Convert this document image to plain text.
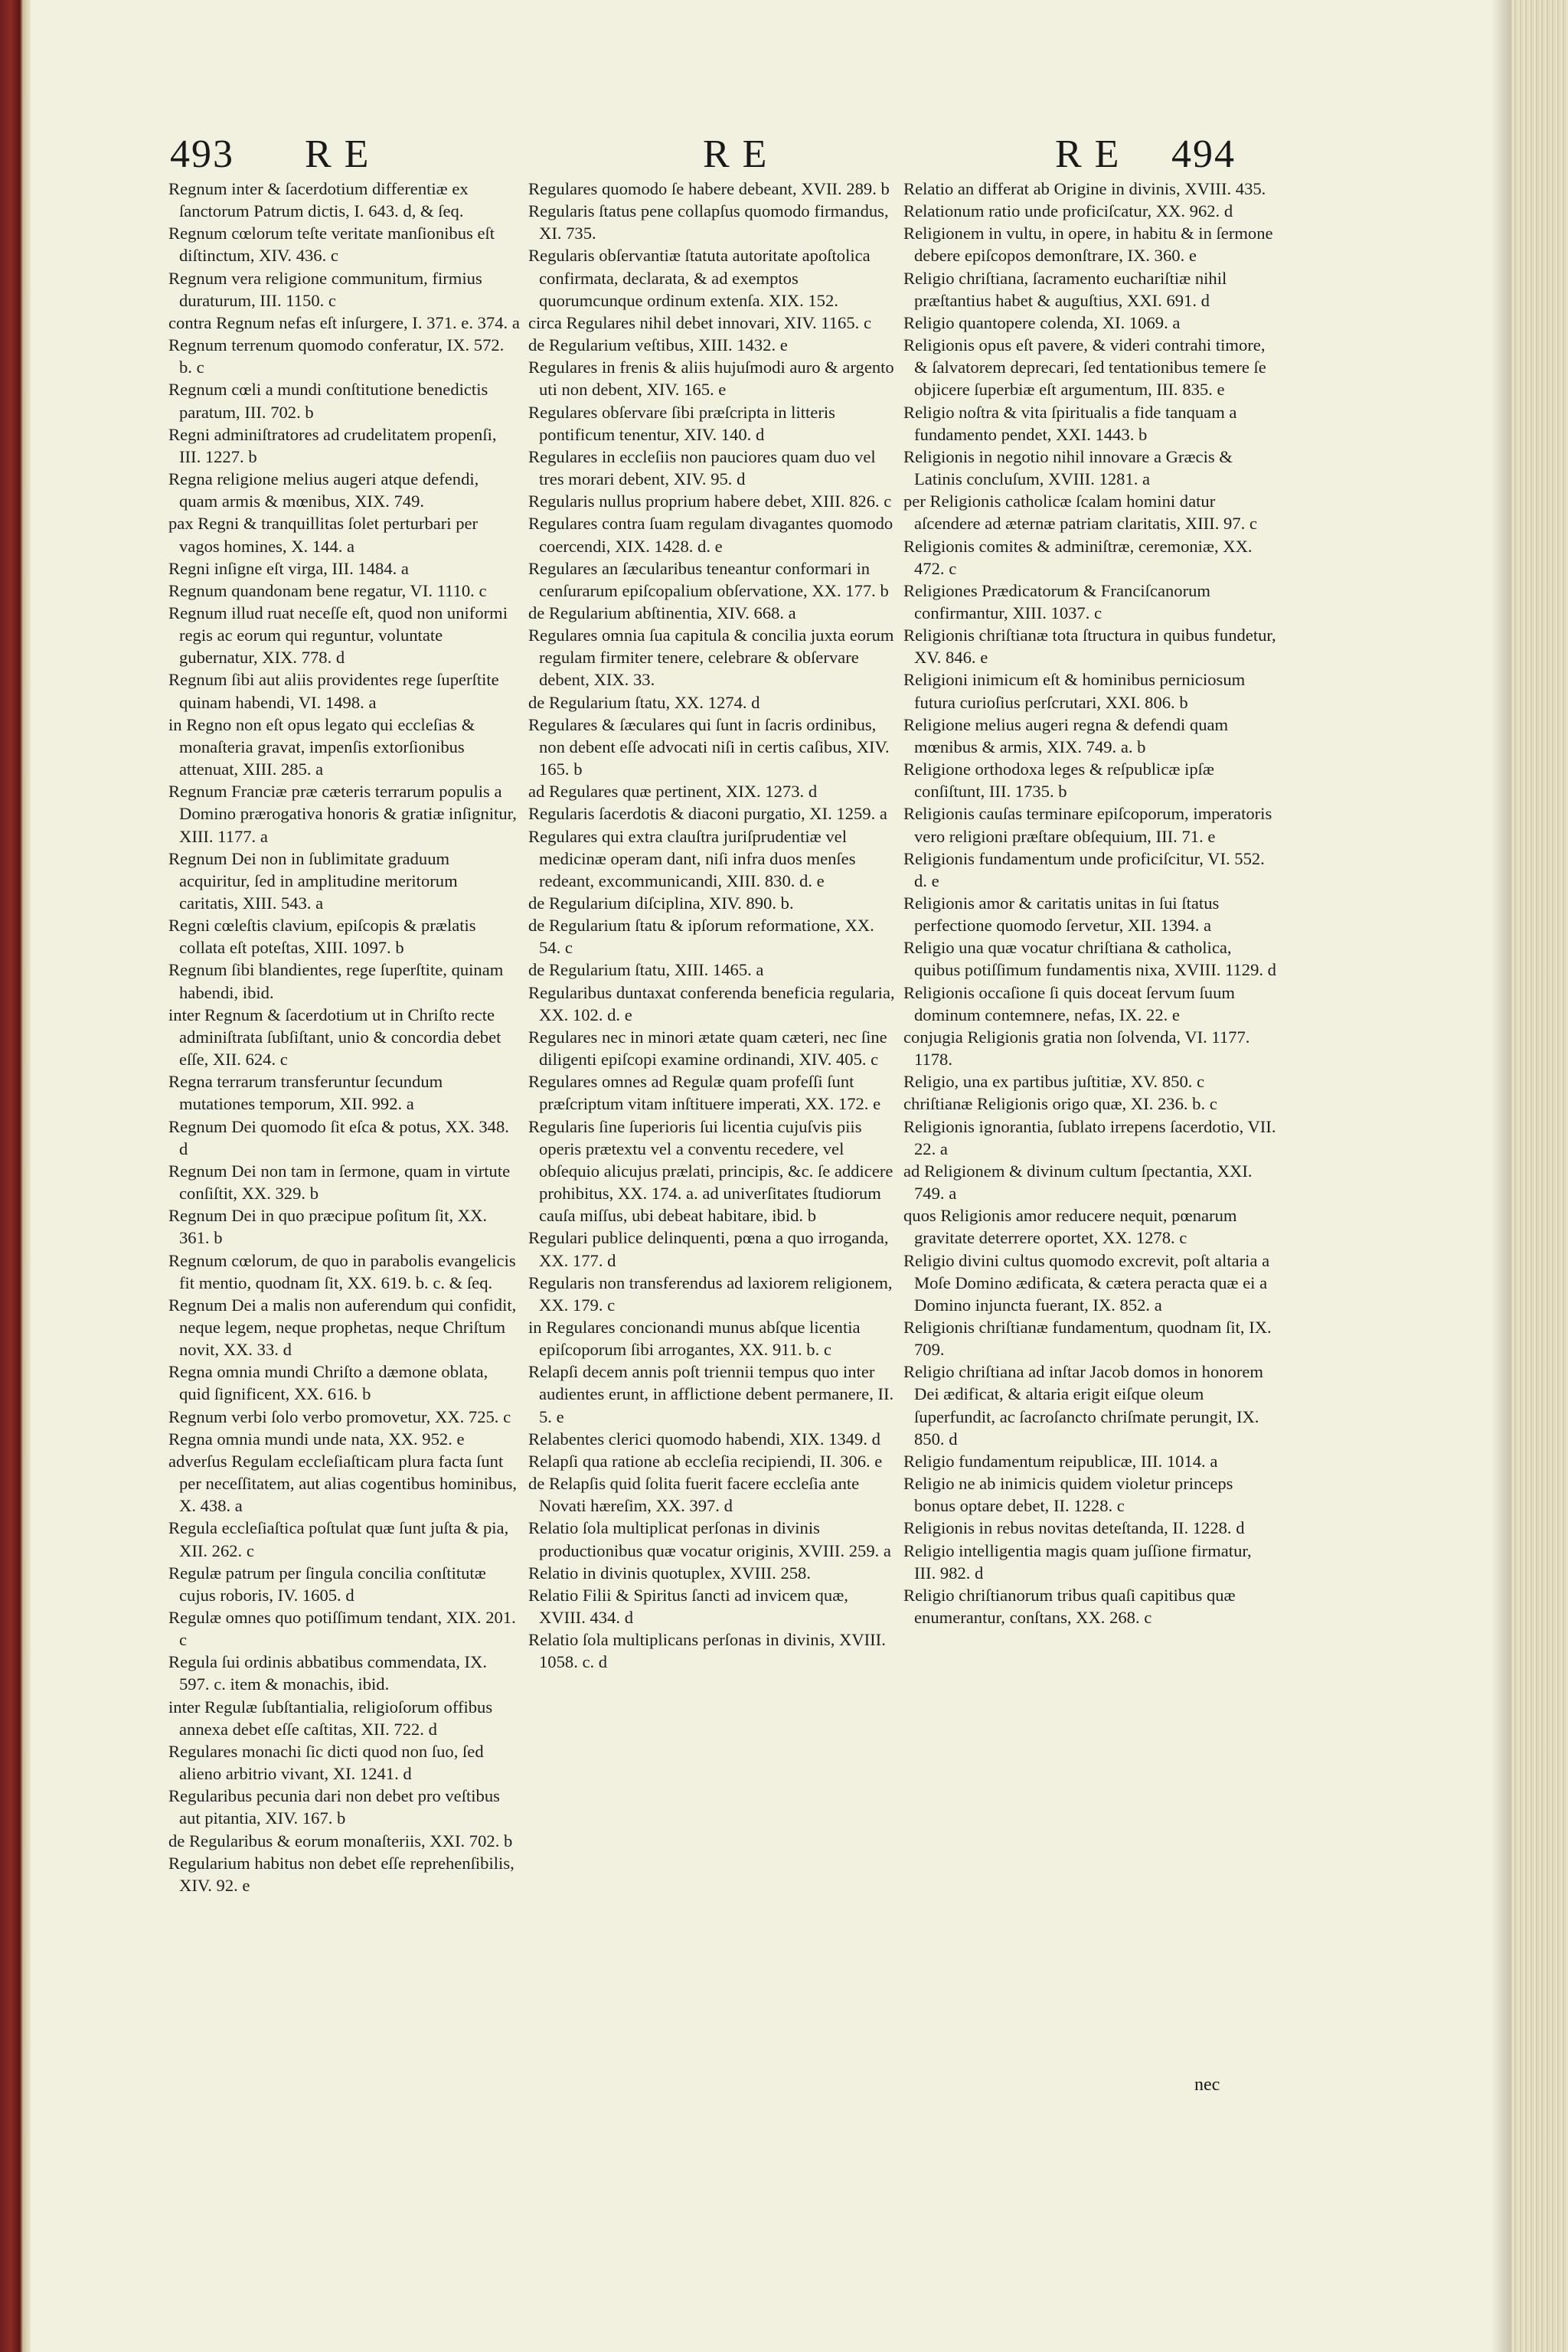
493 R E	R E	R E 494

Regnum inter & ſacerdotium differentiæ ex ſanctorum Patrum dictis, I. 643. d, & ſeq.

Regnum cœlorum teſte veritate manſionibus eſt diſtinctum, XIV. 436. c

Regnum vera religione communitum, firmius duraturum, III. 1150. c

contra Regnum nefas eſt inſurgere, I. 371. e. 374. a

Regnum terrenum quomodo conferatur, IX. 572. b. c

Regnum cœli a mundi conſtitutione benedictis paratum, III. 702. b

Regni adminiſtratores ad crudelitatem propenſi, III. 1227. b

Regna religione melius augeri atque defendi, quam armis & mœnibus, XIX. 749.

pax Regni & tranquillitas ſolet perturbari per vagos homines, X. 144. a

Regni inſigne eſt virga, III. 1484. a

Regnum quandonam bene regatur, VI. 1110. c

Regnum illud ruat neceſſe eſt, quod non uniformi regis ac eorum qui reguntur, voluntate gubernatur, XIX. 778. d

Regnum ſibi aut aliis providentes rege ſuperſtite quinam habendi, VI. 1498. a

in Regno non eſt opus legato qui eccleſias & monaſteria gravat, impenſis extorſionibus attenuat, XIII. 285. a

Regnum Franciæ præ cæteris terrarum populis a Domino prærogativa honoris & gratiæ inſignitur, XIII. 1177. a

Regnum Dei non in ſublimitate graduum acquiritur, ſed in amplitudine meritorum caritatis, XIII. 543. a

Regni cœleſtis clavium, epiſcopis & prælatis collata eſt poteſtas, XIII. 1097. b

Regnum ſibi blandientes, rege ſuperſtite, quinam habendi, ibid.

inter Regnum & ſacerdotium ut in Chriſto recte adminiſtrata ſubſiſtant, unio & concordia debet eſſe, XII. 624. c

Regna terrarum transferuntur ſecundum mutationes temporum, XII. 992. a

Regnum Dei quomodo ſit eſca & potus, XX. 348. d

Regnum Dei non tam in ſermone, quam in virtute conſiſtit, XX. 329. b

Regnum Dei in quo præcipue poſitum ſit, XX. 361. b

Regnum cœlorum, de quo in parabolis evangelicis fit mentio, quodnam ſit, XX. 619. b. c. & ſeq.

Regnum Dei a malis non auferendum qui confidit, neque legem, neque prophetas, neque Chriſtum novit, XX. 33. d

Regna omnia mundi Chriſto a dæmone oblata, quid ſignificent, XX. 616. b

Regnum verbi ſolo verbo promovetur, XX. 725. c

Regna omnia mundi unde nata, XX. 952. e

adverſus Regulam eccleſiaſticam plura facta ſunt per neceſſitatem, aut alias cogentibus hominibus, X. 438. a

Regula eccleſiaſtica poſtulat quæ ſunt juſta & pia, XII. 262. c

Regulæ patrum per ſingula concilia conſtitutæ cujus roboris, IV. 1605. d

Regulæ omnes quo potiſſimum tendant, XIX. 201. c

Regula ſui ordinis abbatibus commendata, IX. 597. c. item & monachis, ibid.

inter Regulæ ſubſtantialia, religioſorum offibus annexa debet eſſe caſtitas, XII. 722. d

Regulares monachi ſic dicti quod non ſuo, ſed alieno arbitrio vivant, XI. 1241. d

Regularibus pecunia dari non debet pro veſtibus aut pitantia, XIV. 167. b

de Regularibus & eorum monaſteriis, XXI. 702. b

Regularium habitus non debet eſſe reprehenſibilis, XIV. 92. e

Regulares quomodo ſe habere debeant, XVII. 289. b

Regularis ſtatus pene collapſus quomodo firmandus, XI. 735.

Regularis obſervantiæ ſtatuta autoritate apoſtolica confirmata, declarata, & ad exemptos quorumcunque ordinum extenſa. XIX. 152.

circa Regulares nihil debet innovari, XIV. 1165. c

de Regularium veſtibus, XIII. 1432. e

Regulares in frenis & aliis hujuſmodi auro & argento uti non debent, XIV. 165. e

Regulares obſervare ſibi præſcripta in litteris pontificum tenentur, XIV. 140. d

Regulares in eccleſiis non pauciores quam duo vel tres morari debent, XIV. 95. d

Regularis nullus proprium habere debet, XIII. 826. c

Regulares contra ſuam regulam divagantes quomodo coercendi, XIX. 1428. d. e

Regulares an ſæcularibus teneantur conformari in cenſurarum epiſcopalium obſervatione, XX. 177. b

de Regularium abſtinentia, XIV. 668. a

Regulares omnia ſua capitula & concilia juxta eorum regulam firmiter tenere, celebrare & obſervare debent, XIX. 33.

de Regularium ſtatu, XX. 1274. d

Regulares & ſæculares qui ſunt in ſacris ordinibus, non debent eſſe advocati niſi in certis caſibus, XIV. 165. b

ad Regulares quæ pertinent, XIX. 1273. d

Regularis ſacerdotis & diaconi purgatio, XI. 1259. a

Regulares qui extra clauſtra juriſprudentiæ vel medicinæ operam dant, niſi infra duos menſes redeant, excommunicandi, XIII. 830. d. e

de Regularium diſciplina, XIV. 890. b.

de Regularium ſtatu & ipſorum reformatione, XX. 54. c

de Regularium ſtatu, XIII. 1465. a

Regularibus duntaxat conferenda beneficia regularia, XX. 102. d. e

Regulares nec in minori ætate quam cæteri, nec ſine diligenti epiſcopi examine ordinandi, XIV. 405. c

Regulares omnes ad Regulæ quam profeſſi ſunt præſcriptum vitam inſtituere imperati, XX. 172. e

Regularis ſine ſuperioris ſui licentia cujuſvis piis operis prætextu vel a conventu recedere, vel obſequio alicujus prælati, principis, &c. ſe addicere prohibitus, XX. 174. a. ad univerſitates ſtudiorum cauſa miſſus, ubi debeat habitare, ibid. b

Regulari publice delinquenti, pœna a quo irroganda, XX. 177. d

Regularis non transferendus ad laxiorem religionem, XX. 179. c

in Regulares concionandi munus abſque licentia epiſcoporum ſibi arrogantes, XX. 911. b. c

Relapſi decem annis poſt triennii tempus quo inter audientes erunt, in afflictione debent permanere, II. 5. e

Relabentes clerici quomodo habendi, XIX. 1349. d

Relapſi qua ratione ab eccleſia recipiendi, II. 306. e

de Relapſis quid ſolita fuerit facere eccleſia ante Novati hæreſim, XX. 397. d

Relatio ſola multiplicat perſonas in divinis productionibus quæ vocatur originis, XVIII. 259. a

Relatio in divinis quotuplex, XVIII. 258.

Relatio Filii & Spiritus ſancti ad invicem quæ, XVIII. 434. d

Relatio ſola multiplicans perſonas in divinis, XVIII. 1058. c. d

Relatio an differat ab Origine in divinis, XVIII. 435.

Relationum ratio unde proficiſcatur, XX. 962. d

Religionem in vultu, in opere, in habitu & in ſermone debere epiſcopos demonſtrare, IX. 360. e

Religio chriſtiana, ſacramento euchariſtiæ nihil præſtantius habet & auguſtius, XXI. 691. d

Religio quantopere colenda, XI. 1069. a

Religionis opus eſt pavere, & videri contrahi timore, & ſalvatorem deprecari, ſed tentationibus temere ſe objicere ſuperbiæ eſt argumentum, III. 835. e

Religio noſtra & vita ſpiritualis a fide tanquam a fundamento pendet, XXI. 1443. b

Religionis in negotio nihil innovare a Græcis & Latinis concluſum, XVIII. 1281. a

per Religionis catholicæ ſcalam homini datur aſcendere ad æternæ patriam claritatis, XIII. 97. c

Religionis comites & adminiſtræ, ceremoniæ, XX. 472. c

Religiones Prædicatorum & Franciſcanorum confirmantur, XIII. 1037. c

Religionis chriſtianæ tota ſtructura in quibus fundetur, XV. 846. e

Religioni inimicum eſt & hominibus perniciosum futura curioſius perſcrutari, XXI. 806. b

Religione melius augeri regna & defendi quam mœnibus & armis, XIX. 749. a. b

Religione orthodoxa leges & reſpublicæ ipſæ conſiſtunt, III. 1735. b

Religionis cauſas terminare epiſcoporum, imperatoris vero religioni præſtare obſequium, III. 71. e

Religionis fundamentum unde proficiſcitur, VI. 552. d. e

Religionis amor & caritatis unitas in ſui ſtatus perfectione quomodo ſervetur, XII. 1394. a

Religio una quæ vocatur chriſtiana & catholica, quibus potiſſimum fundamentis nixa, XVIII. 1129. d

Religionis occaſione ſi quis doceat ſervum ſuum dominum contemnere, nefas, IX. 22. e

conjugia Religionis gratia non ſolvenda, VI. 1177. 1178.

Religio, una ex partibus juſtitiæ, XV. 850. c

chriſtianæ Religionis origo quæ, XI. 236. b. c

Religionis ignorantia, ſublato irrepens ſacerdotio, VII. 22. a

ad Religionem & divinum cultum ſpectantia, XXI. 749. a

quos Religionis amor reducere nequit, pœnarum gravitate deterrere oportet, XX. 1278. c

Religio divini cultus quomodo excrevit, poſt altaria a Moſe Domino ædificata, & cætera peracta quæ ei a Domino injuncta fuerant, IX. 852. a

Religionis chriſtianæ fundamentum, quodnam ſit, IX. 709.

Religio chriſtiana ad inſtar Jacob domos in honorem Dei ædificat, & altaria erigit eiſque oleum ſuperfundit, ac ſacroſancto chriſmate perungit, IX. 850. d

Religio fundamentum reipublicæ, III. 1014. a

Religio ne ab inimicis quidem violetur princeps bonus optare debet, II. 1228. c

Religionis in rebus novitas deteſtanda, II. 1228. d

Religio intelligentia magis quam juſſione firmatur, III. 982. d

Religio chriſtianorum tribus quaſi capitibus quæ enumerantur, conſtans, XX. 268. c

nec
